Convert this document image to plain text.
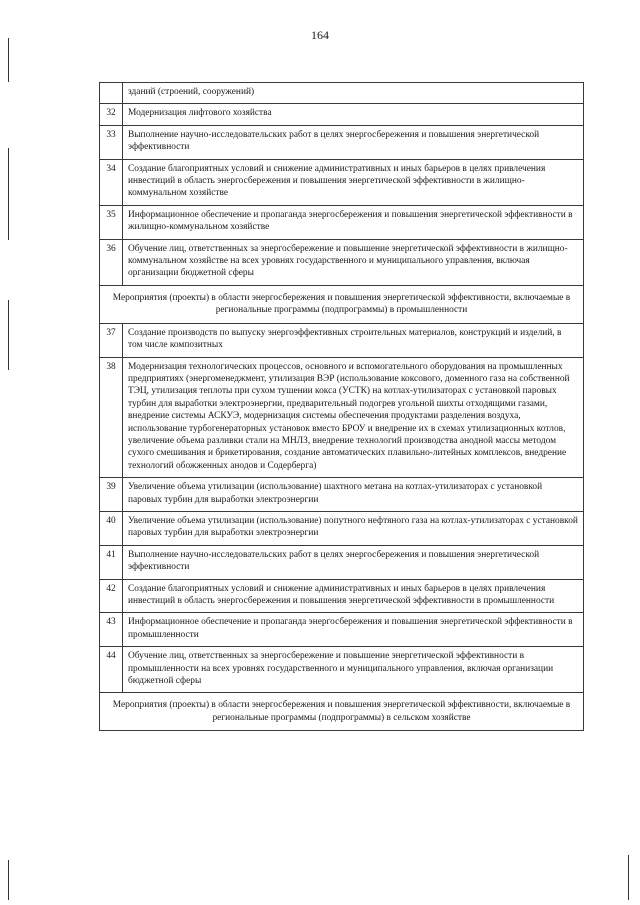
164
	зданий (строений, сооружений)
32	Модернизация лифтового хозяйства
33	Выполнение научно-исследовательских работ в целях энергосбережения и повышения энергетической эффективности
34	Создание благоприятных условий и снижение административных и иных барьеров в целях привлечения инвестиций в область энергосбережения и повышения энергетической эффективности в жилищно-коммунальном хозяйстве
35	Информационное обеспечение и пропаганда энергосбережения и повышения энергетической эффективности в жилищно-коммунальном хозяйстве
36	Обучение лиц, ответственных за энергосбережение и повышение энергетической эффективности в жилищно-коммунальном хозяйстве на всех уровнях государственного и муниципального управления, включая организации бюджетной сферы
Мероприятия (проекты) в области энергосбережения и повышения энергетической эффективности, включаемые в региональные программы (подпрограммы) в промышленности	
37	Создание производств по выпуску энергоэффективных строительных материалов, конструкций и изделий, в том числе композитных
38	Модернизация технологических процессов, основного и вспомогательного оборудования на промышленных предприятиях (энергоменеджмент, утилизация ВЭР (использование коксового, доменного газа на собственной ТЭЦ, утилизация теплоты при сухом тушении кокса (УСТК) на котлах-утилизаторах с установкой паровых турбин для выработки электроэнергии, предварительный подогрев угольной шихты отходящими газами, внедрение системы АСКУЭ, модернизация системы обеспечения продуктами разделения воздуха, использование турбогенераторных установок вместо БРОУ и внедрение их в схемах утилизационных котлов, увеличение объема разливки стали на МНЛЗ, внедрение технологий производства анодной массы методом сухого смешивания и брикетирования, создание автоматических плавильно-литейных комплексов, внедрение технологий обожженных анодов и Содерберга)
39	Увеличение объема утилизации (использование) шахтного метана на котлах-утилизаторах с установкой паровых турбин для выработки электроэнергии
40	Увеличение объема утилизации (использование) попутного нефтяного газа на котлах-утилизаторах с установкой паровых турбин для выработки электроэнергии
41	Выполнение научно-исследовательских работ в целях энергосбережения и повышения энергетической эффективности
42	Создание благоприятных условий и снижение административных и иных барьеров в целях привлечения инвестиций в область энергосбережения и повышения энергетической эффективности в промышленности
43	Информационное обеспечение и пропаганда энергосбережения и повышения энергетической эффективности в промышленности
44	Обучение лиц, ответственных за энергосбережение и повышение энергетической эффективности в промышленности на всех уровнях государственного и муниципального управления, включая организации бюджетной сферы
Мероприятия (проекты) в области энергосбережения и повышения энергетической эффективности, включаемые в региональные программы (подпрограммы) в сельском хозяйстве	
